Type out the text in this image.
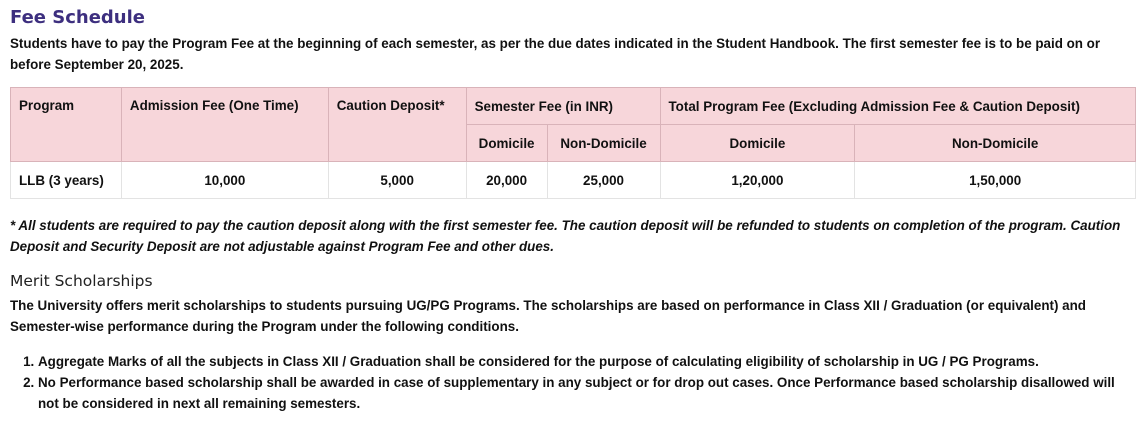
Fee Schedule

Students have to pay the Program Fee at the beginning of each semester, as per the due dates indicated in the Student Handbook. The first semester fee is to be paid on or before September 20, 2025.

Program	Admission Fee (One Time)	Caution Deposit*	Semester Fee (in INR)		Total Program Fee (Excluding Admission Fee & Caution Deposit)	
			Domicile	Non-Domicile	Domicile	Non-Domicile
LLB (3 years)	10,000	5,000	20,000	25,000	1,20,000	1,50,000

* All students are required to pay the caution deposit along with the first semester fee. The caution deposit will be refunded to students on completion of the program. Caution Deposit and Security Deposit are not adjustable against Program Fee and other dues.

Merit Scholarships

The University offers merit scholarships to students pursuing UG/PG Programs. The scholarships are based on performance in Class XII / Graduation (or equivalent) and Semester-wise performance during the Program under the following conditions.

1. Aggregate Marks of all the subjects in Class XII / Graduation shall be considered for the purpose of calculating eligibility of scholarship in UG / PG Programs.
2. No Performance based scholarship shall be awarded in case of supplementary in any subject or for drop out cases. Once Performance based scholarship disallowed will not be considered in next all remaining semesters.
